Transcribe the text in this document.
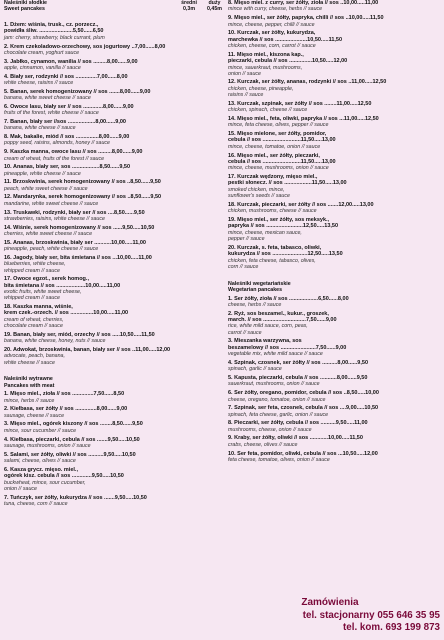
Naleśniki słodkie
Sweet pancakes
średni
0,3m
duży
0,45m
1. Dżem: wiśnia, trusk., cz. porzecz.,
powidła śliw. ......................5,50......6,50
jam: cherry, strawberry, black currant, plum
2. Krem czekoladowo-orzechowy, sos jogurtowy ..7,00......8,00
chocolate cream, yoghurt sauce
3. Jabłko, cynamon, wanilia // sos .........8,00......9,00
apple, cinnamon, vanilla // sauce
4. Biały ser, rodzynki // sos ..............7,00......8,00
white cheese, raisins // sauce
5. Banan, serek homogenizowany // sos .......8,00......9,00
banana, white sweet cheese // sauce
6. Owoce lasu, biały ser // sos .............8,00......9,00
fruits of the forest, white cheese // sauce
7. Banan, biały ser //sos ..................8,00......9,00
banana, white cheese // sauce
8. Mak, bakalie, miód // sos ...............8,00......9,00
poppy seed, raisins, almonds, honey // sauce
9. Kaszka manna, owoce lasu // sos .........8,00......9,00
cream of wheat, fruits of the forest // sauce
10. Ananas, biały ser, sos ..................8,50......9,50
pineapple, white cheese // sauce
11. Brzoskwinia, serek homogenizowany // sos ..8,50......9,50
peach, white sweet cheese // sauce
12. Mandarynka, serek homogenizowany // sos ..8,50......9,50
mandarine, white sweet cheese // sauce
13. Truskawki, rodzynki, biały ser // sos ....8,50......9,50
strawberries, raisins, white cheese // sauce
14. Wiśnie, serek homogenizowany // sos ......9,50.....10,50
cherries, white sweet cheese // sauce
15. Ananas, brzoskwinia, biały ser ...........10,00.....11,00
pineapple, peach, white cheese // sauce
16. Jagody, biały ser, bita śmietana // sos ...10,00.....11,00
blueberries, white cheese,
whipped cream // sauce
17. Owoce egzot., serek homog.,
bita śmietana // sos ...................10,00.....11,00
exotic fruits, white sweet cheese,
whipped cream // sauce
18. Kaszka manna, wiśnie,
krem czek.-orzech. // sos ...............10,00.....11,00
cream of wheat, cherries,
chocolate cream // sauce
19. Banan, biały ser, miód, orzechy // sos .....10,50.....11,50
banana, white cheese, honey, nuts // sauce
20. Adwokat, brzoskwinia, banan, biały ser // sos ..11,00.....12,00
advocate, peach, banana,
white cheese // sauce
Naleśniki wytrawne
Pancakes with meat
1. Mięso miel., zioła // sos ..............7,50......8,50
mince, herbs // sauce
2. Kiełbasa, ser żółty // sos ..............8,00......9,00
sausage, cheese // sauce
3. Mięso miel., ogórek kiszony // sos ........8,50......9,50
mince, sour cucumber // sauce
4. Kiełbasa, pieczarki, cebula // sos .......9,50.....10,50
sausage, mushrooms, onion // sauce
5. Salami, ser żółty, oliwki // sos ..........9,50.....10,50
salami, cheese, olives // sauce
6. Kasza grycz. mięso. miel.,
ogórek kisz. cebula // sos .............9,50.....10,50
buckwheat, mince, sour cucumber,
onion // sauce
7. Tuńczyk, ser żółty, kukurydza // sos .......9,50.....10,50
tuna, cheese, corn // sauce
8. Mięso miel. z curry, ser żółty, zioła // sos ..10,00.....11,00
mince with curry, cheese, herbs // sauce
9. Mięso miel., ser żółty, papryka, chilli // sos ..10,00.....11,50
mince, cheese, pepper, chilli // sauce
10. Kurczak, ser żółty, kukurydza,
marchewka // sos .....................10,50.....11,50
chicken, cheese, corn, carrot // sauce
11. Mięso miel., kiszona kap.,
pieczarki, cebula // sos ...............10,50.....12,00
mince, sauerkraut, mushrooms,
onion // sauce
12. Kurczak, ser żółty, ananas, rodzynki // sos ..11,00.....12,50
chicken, cheese, pineapple,
raisins // sauce
13. Kurczak, szpinak, ser żółty // sos ........11,00.....12,50
chicken, spinach, cheese // sauce
14. Mięso miel., feta, oliwki, papryka // sos ...11,00.....12,50
mince, feta cheese, olives, pepper // sauce
15. Mięso mielone, ser żółty, pomidor,
cebula // sos .........................11,50.....13,00
mince, cheese, tomatoe, onion // sauce
16. Mięso miel., ser żółty, pieczarki,
cebula // sos .........................11,50.....13,00
mince, cheese, mushrooms, onion // sauce
17. Kurczak wędzony, mięso miel.,
pestki słonecz. // sos ..................11,50.....13,00
smoked chicken, mince,
sunflower's seeds // sauce
18. Kurczak, pieczarki, ser żółty // sos .......12,00.....13,00
chicken, mushrooms, cheese // sauce
19. Mięso miel., ser żółty, sos meksyk.,
papryka // sos ........................12,50.....13,50
mince, cheese, mexican sauce,
pepper // sauce
20. Kurczak, s. feta, tabasco, oliwki,
kukurydza // sos .......................12,50.....13,50
chicken, feta cheese, tabasco, olives,
corn // sauce
Naleśniki wegetariańskie
Wegetarian pancakes
1. Ser żółty, zioła // sos ...................6,50......8,00
cheese, herbs // sauce
2. Ryż, sos beszamel., kukur., groszek,
march. // sos ............................7,50......9,00
rice, white mild sauce, corn, peas,
carrot // sauce
3. Mieszanka warzywna, sos
beszamelowy // sos .......................7,50......9,00
vegetable mix, white mild sauce // sauce
4. Szpinak, czosnek, ser żółty // sos ..........8,00......9,50
spinach, garlic // sauce
5. Kapusta, pieczarki, cebula // sos ...........8,00......9,50
sauerkraut, mushrooms, onion // sauce
6. Ser żółty, oregano, pomidor, cebula // sos ..8,50.....10,00
cheese, oregano, tomatoe, onion // sauce
7. Szpinak, ser feta, czosnek, cebula // sos ....9,00.....10,50
spinach, feta cheese, garlic, onion // sauce
8. Pieczarki, ser żółty, cebula // sos ..........9,50.....11,00
mushrooms, cheese, onion // sauce
9. Kraby, ser żółty, oliwki // sos ............10,00.....11,50
crabs, cheese, olives // sauce
10. Ser feta, pomidor, oliwki, cebula // sos ...10,50.....12,00
feta cheese, tomatoe, olives, onion // sauce
Zamówienia
tel. stacjonarny 055 646 35 95
tel. kom. 693 199 873
